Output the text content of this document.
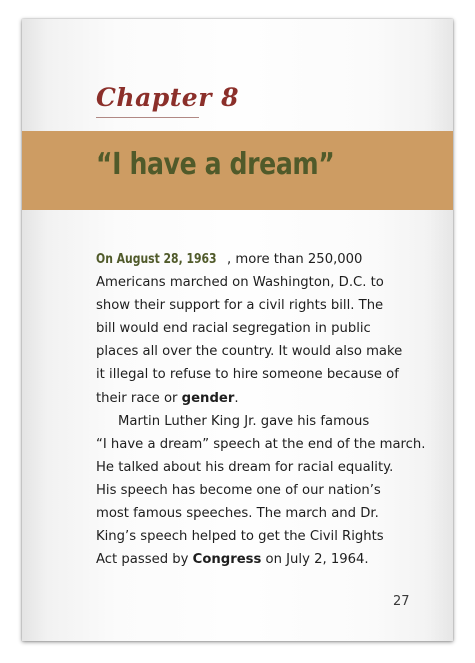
Chapter 8
“I have a dream”

On August 28, 1963 , more than 250,000

Americans marched on Washington, D.C. to

show their support for a civil rights bill. The

bill would end racial segregation in public

places all over the country. It would also make

it illegal to refuse to hire someone because of

their race or gender.

Martin Luther King Jr. gave his famous

“I have a dream” speech at the end of the march.

He talked about his dream for racial equality.

His speech has become one of our nation’s

most famous speeches. The march and Dr.

King’s speech helped to get the Civil Rights

Act passed by Congress on July 2, 1964.

27
